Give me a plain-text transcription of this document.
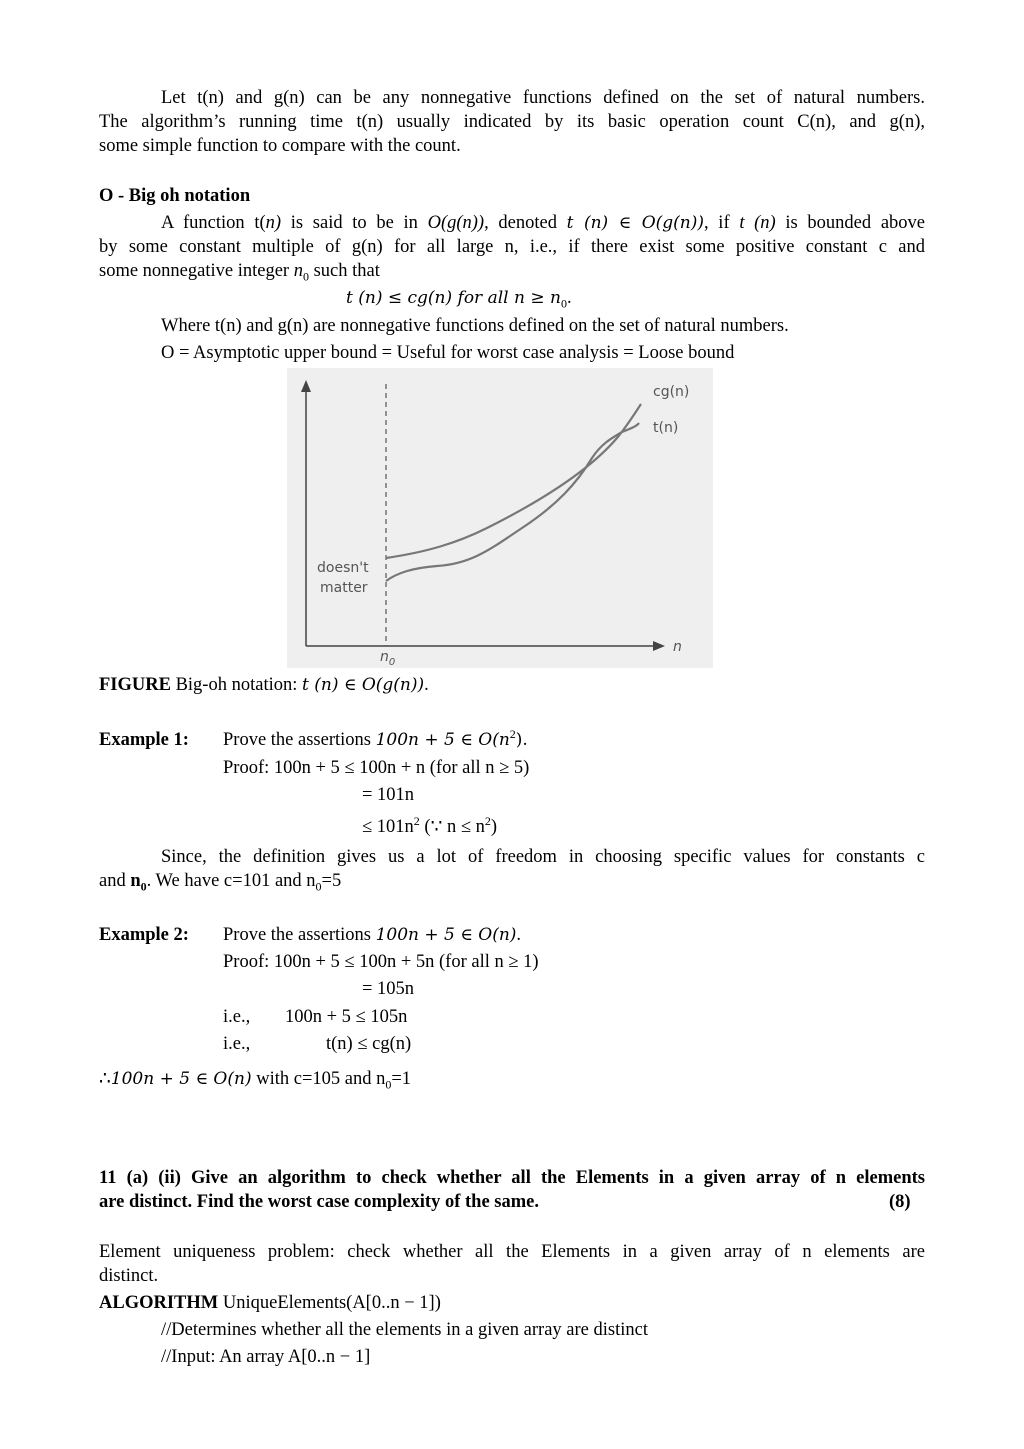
Let t(n) and g(n) can be any nonnegative functions defined on the set of natural numbers.
The algorithm’s running time t(n) usually indicated by its basic operation count C(n), and g(n),
some simple function to compare with the count.
O - Big oh notation
A function t(n) is said to be in O(g(n)), denoted t (n) ∈ O(g(n)), if t (n) is bounded above
by some constant multiple of g(n) for all large n, i.e., if there exist some positive constant c and
some nonnegative integer $n_0$ such that
t (n) ≤ cg(n) for all $n \ge n_0$.
Where t(n) and g(n) are nonnegative functions defined on the set of natural numbers.
O = Asymptotic upper bound = Useful for worst case analysis = Loose bound
cg(n)
t(n)
doesn't
matter
$n_0$
n
FIGURE Big-oh notation: t (n) ∈ O(g(n)).
Example 1: Prove the assertions 100n + 5 ∈ $O(n^2)$.
Proof: 100n + 5 ≤ 100n + n (for all n ≥ 5)
= 101n
≤ $101n^2$ (∵ $n \le n^2$)
Since, the definition gives us a lot of freedom in choosing specific values for constants c
and $n_0$. We have c=101 and $n_0=5$
Example 2: Prove the assertions 100n + 5 ∈ O(n).
Proof: 100n + 5 ≤ 100n + 5n (for all n ≥ 1)
= 105n
i.e., 100n + 5 ≤ 105n
i.e.,	t(n) ≤ cg(n)
∴100n + 5 ∈ O(n) with c=105 and $n_0=1$
11 (a) (ii) Give an algorithm to check whether all the Elements in a given array of n elements
are distinct. Find the worst case complexity of the same.	(8)
Element uniqueness problem: check whether all the Elements in a given array of n elements are
distinct.
ALGORITHM UniqueElements(A[0..n − 1])
//Determines whether all the elements in a given array are distinct
//Input: An array A[0..n − 1]
